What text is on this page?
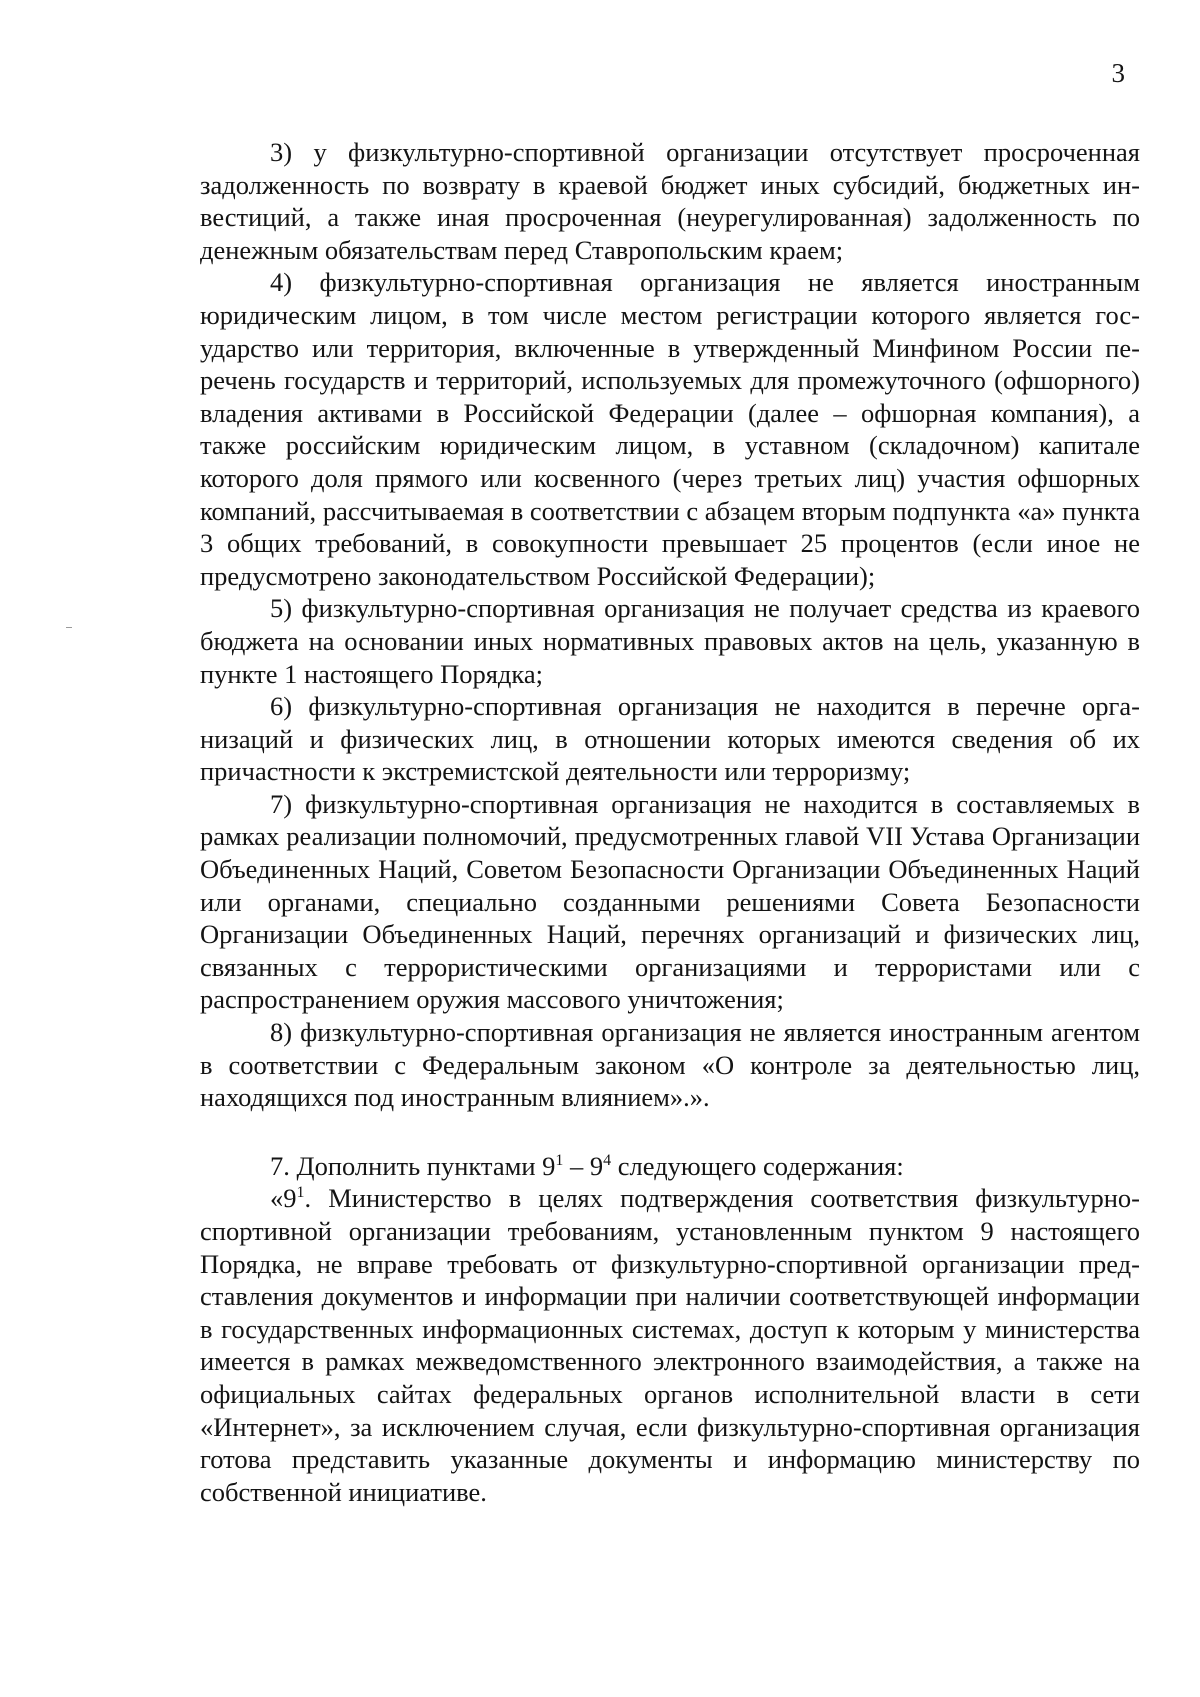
3

3) у физкультурно-спортивной организации отсутствует просроченная задолженность по возврату в краевой бюджет иных субсидий, бюджетных инвестиций, а также иная просроченная (неурегулированная) задолженность по денежным обязательствам перед Ставропольским краем;

4) физкультурно-спортивная организация не является иностранным юридическим лицом, в том числе местом регистрации которого является государство или территория, включенные в утвержденный Минфином России перечень государств и территорий, используемых для промежуточного (офшорного) владения активами в Российской Федерации (далее – офшорная компания), а также российским юридическим лицом, в уставном (складочном) капитале которого доля прямого или косвенного (через третьих лиц) участия офшорных компаний, рассчитываемая в соответствии с абзацем вторым подпункта «а» пункта 3 общих требований, в совокупности превышает 25 процентов (если иное не предусмотрено законодательством Российской Федерации);

5) физкультурно-спортивная организация не получает средства из краевого бюджета на основании иных нормативных правовых актов на цель, указанную в пункте 1 настоящего Порядка;

6) физкультурно-спортивная организация не находится в перечне организаций и физических лиц, в отношении которых имеются сведения об их причастности к экстремистской деятельности или терроризму;

7) физкультурно-спортивная организация не находится в составляемых в рамках реализации полномочий, предусмотренных главой VII Устава Организации Объединенных Наций, Советом Безопасности Организации Объединенных Наций или органами, специально созданными решениями Совета Безопасности Организации Объединенных Наций, перечнях организаций и физических лиц, связанных с террористическими организациями и террористами или с распространением оружия массового уничтожения;

8) физкультурно-спортивная организация не является иностранным агентом в соответствии с Федеральным законом «О контроле за деятельностью лиц, находящихся под иностранным влиянием».».

7. Дополнить пунктами $9^1 - 9^4$ следующего содержания:

«$9^1$. Министерство в целях подтверждения соответствия физкультурно-спортивной организации требованиям, установленным пунктом 9 настоящего Порядка, не вправе требовать от физкультурно-спортивной организации представления документов и информации при наличии соответствующей информации в государственных информационных системах, доступ к которым у министерства имеется в рамках межведомственного электронного взаимодействия, а также на официальных сайтах федеральных органов исполнительной власти в сети «Интернет», за исключением случая, если физкультурно-спортивная организация готова представить указанные документы и информацию министерству по собственной инициативе.
